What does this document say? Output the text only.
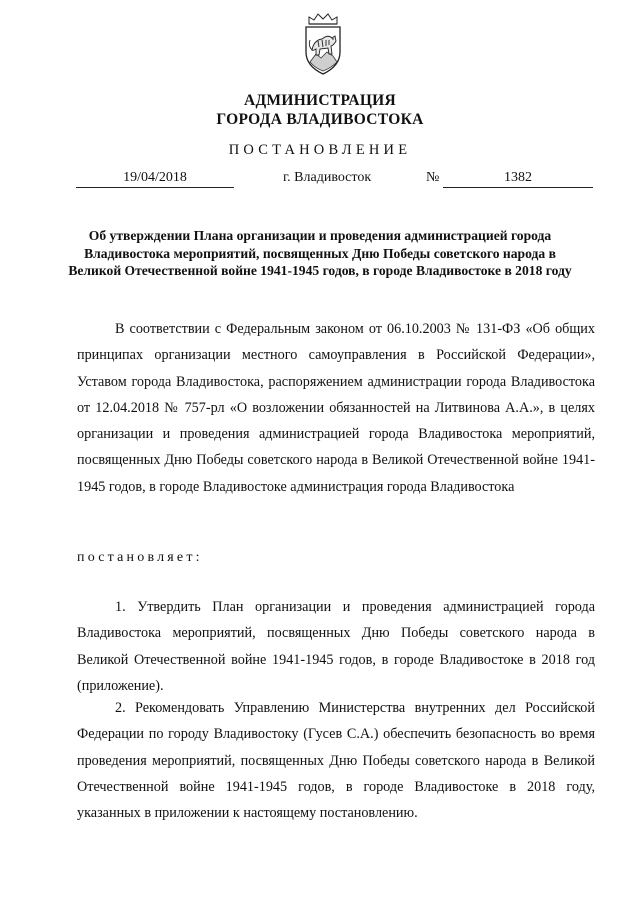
АДМИНИСТРАЦИЯ
ГОРОДА ВЛАДИВОСТОКА
ПОСТАНОВЛЕНИЕ
19/04/2018	г. Владивосток	№	1382
Об утверждении Плана организации и проведения администрацией города Владивостока мероприятий, посвященных Дню Победы советского народа в Великой Отечественной войне 1941-1945 годов, в городе Владивостоке в 2018 году

В соответствии с Федеральным законом от 06.10.2003 № 131-ФЗ «Об общих принципах организации местного самоуправления в Российской Федерации», Уставом города Владивостока, распоряжением администрации города Владивостока от 12.04.2018 № 757-рл «О возложении обязанностей на Литвинова А.А.», в целях организации и проведения администрацией города Владивостока мероприятий, посвященных Дню Победы советского народа в Великой Отечественной войне 1941-1945 годов, в городе Владивостоке администрация города Владивостока

постановляет:

1. Утвердить План организации и проведения администрацией города Владивостока мероприятий, посвященных Дню Победы советского народа в Великой Отечественной войне 1941-1945 годов, в городе Владивостоке в 2018 год (приложение).

2. Рекомендовать Управлению Министерства внутренних дел Российской Федерации по городу Владивостоку (Гусев С.А.) обеспечить безопасность во время проведения мероприятий, посвященных Дню Победы советского народа в Великой Отечественной войне 1941-1945 годов, в городе Владивостоке в 2018 году, указанных в приложении к настоящему постановлению.
